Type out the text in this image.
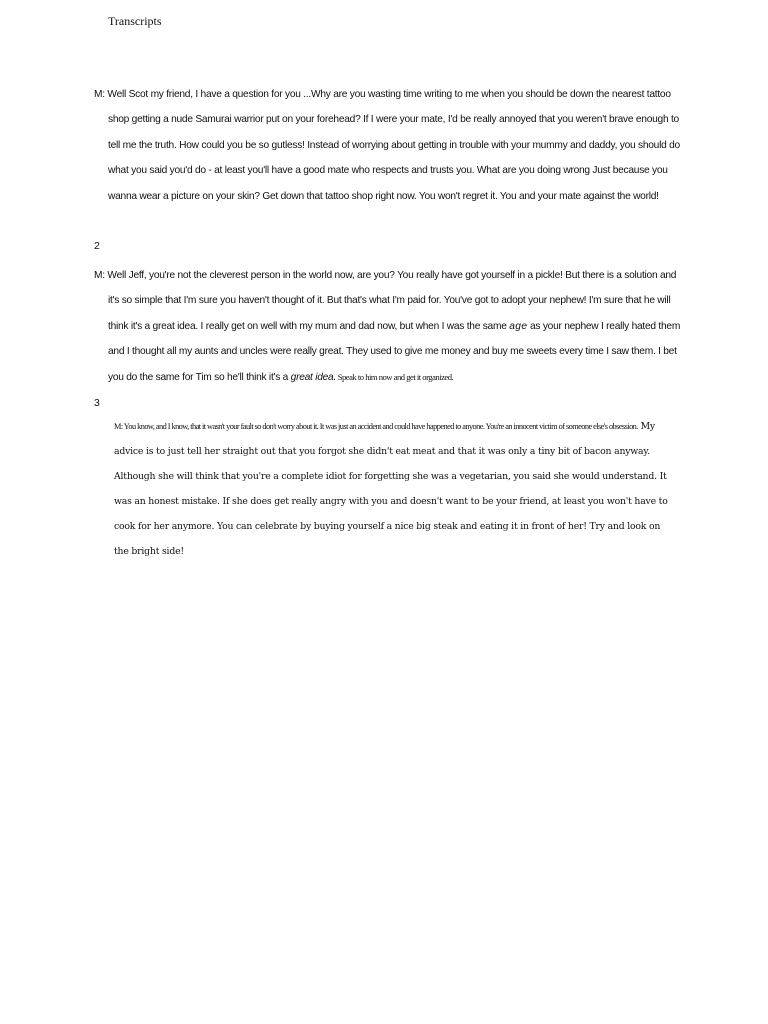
Transcripts

M: Well Scot my friend, I have a question for you ...Why are you wasting time writing to me when you should be down the nearest tattoo shop getting a nude Samurai warrior put on your forehead? If I were your mate, I'd be really annoyed that you weren't brave enough to tell me the truth. How could you be so gutless! Instead of worrying about getting in trouble with your mummy and daddy, you should do what you said you'd do - at least you'll have a good mate who respects and trusts you. What are you doing wrong Just because you wanna wear a picture on your skin? Get down that tattoo shop right now. You won't regret it. You and your mate against the world!

2

M: Well Jeff, you're not the cleverest person in the world now, are you? You really have got yourself in a pickle! But there is a solution and it's so simple that I'm sure you haven't thought of it. But that's what I'm paid for. You've got to adopt your nephew! I'm sure that he will think it's a great idea. I really get on well with my mum and dad now, but when I was the same age as your nephew I really hated them and I thought all my aunts and uncles were really great. They used to give me money and buy me sweets every time I saw them. I bet you do the same for Tim so he'll think it's a great idea. Speak to him now and get it organized.

3

M: You know, and I know, that it wasn't your fault so don't worry about it. It was just an accident and could have happened to anyone. You're an innocent victim of someone else's obsession. My advice is to just tell her straight out that you forgot she didn't eat meat and that it was only a tiny bit of bacon anyway. Although she will think that you're a complete idiot for forgetting she was a vegetarian, you said she would understand. It was an honest mistake. If she does get really angry with you and doesn't want to be your friend, at least you won't have to cook for her anymore. You can celebrate by buying yourself a nice big steak and eating it in front of her! Try and look on the bright side!
